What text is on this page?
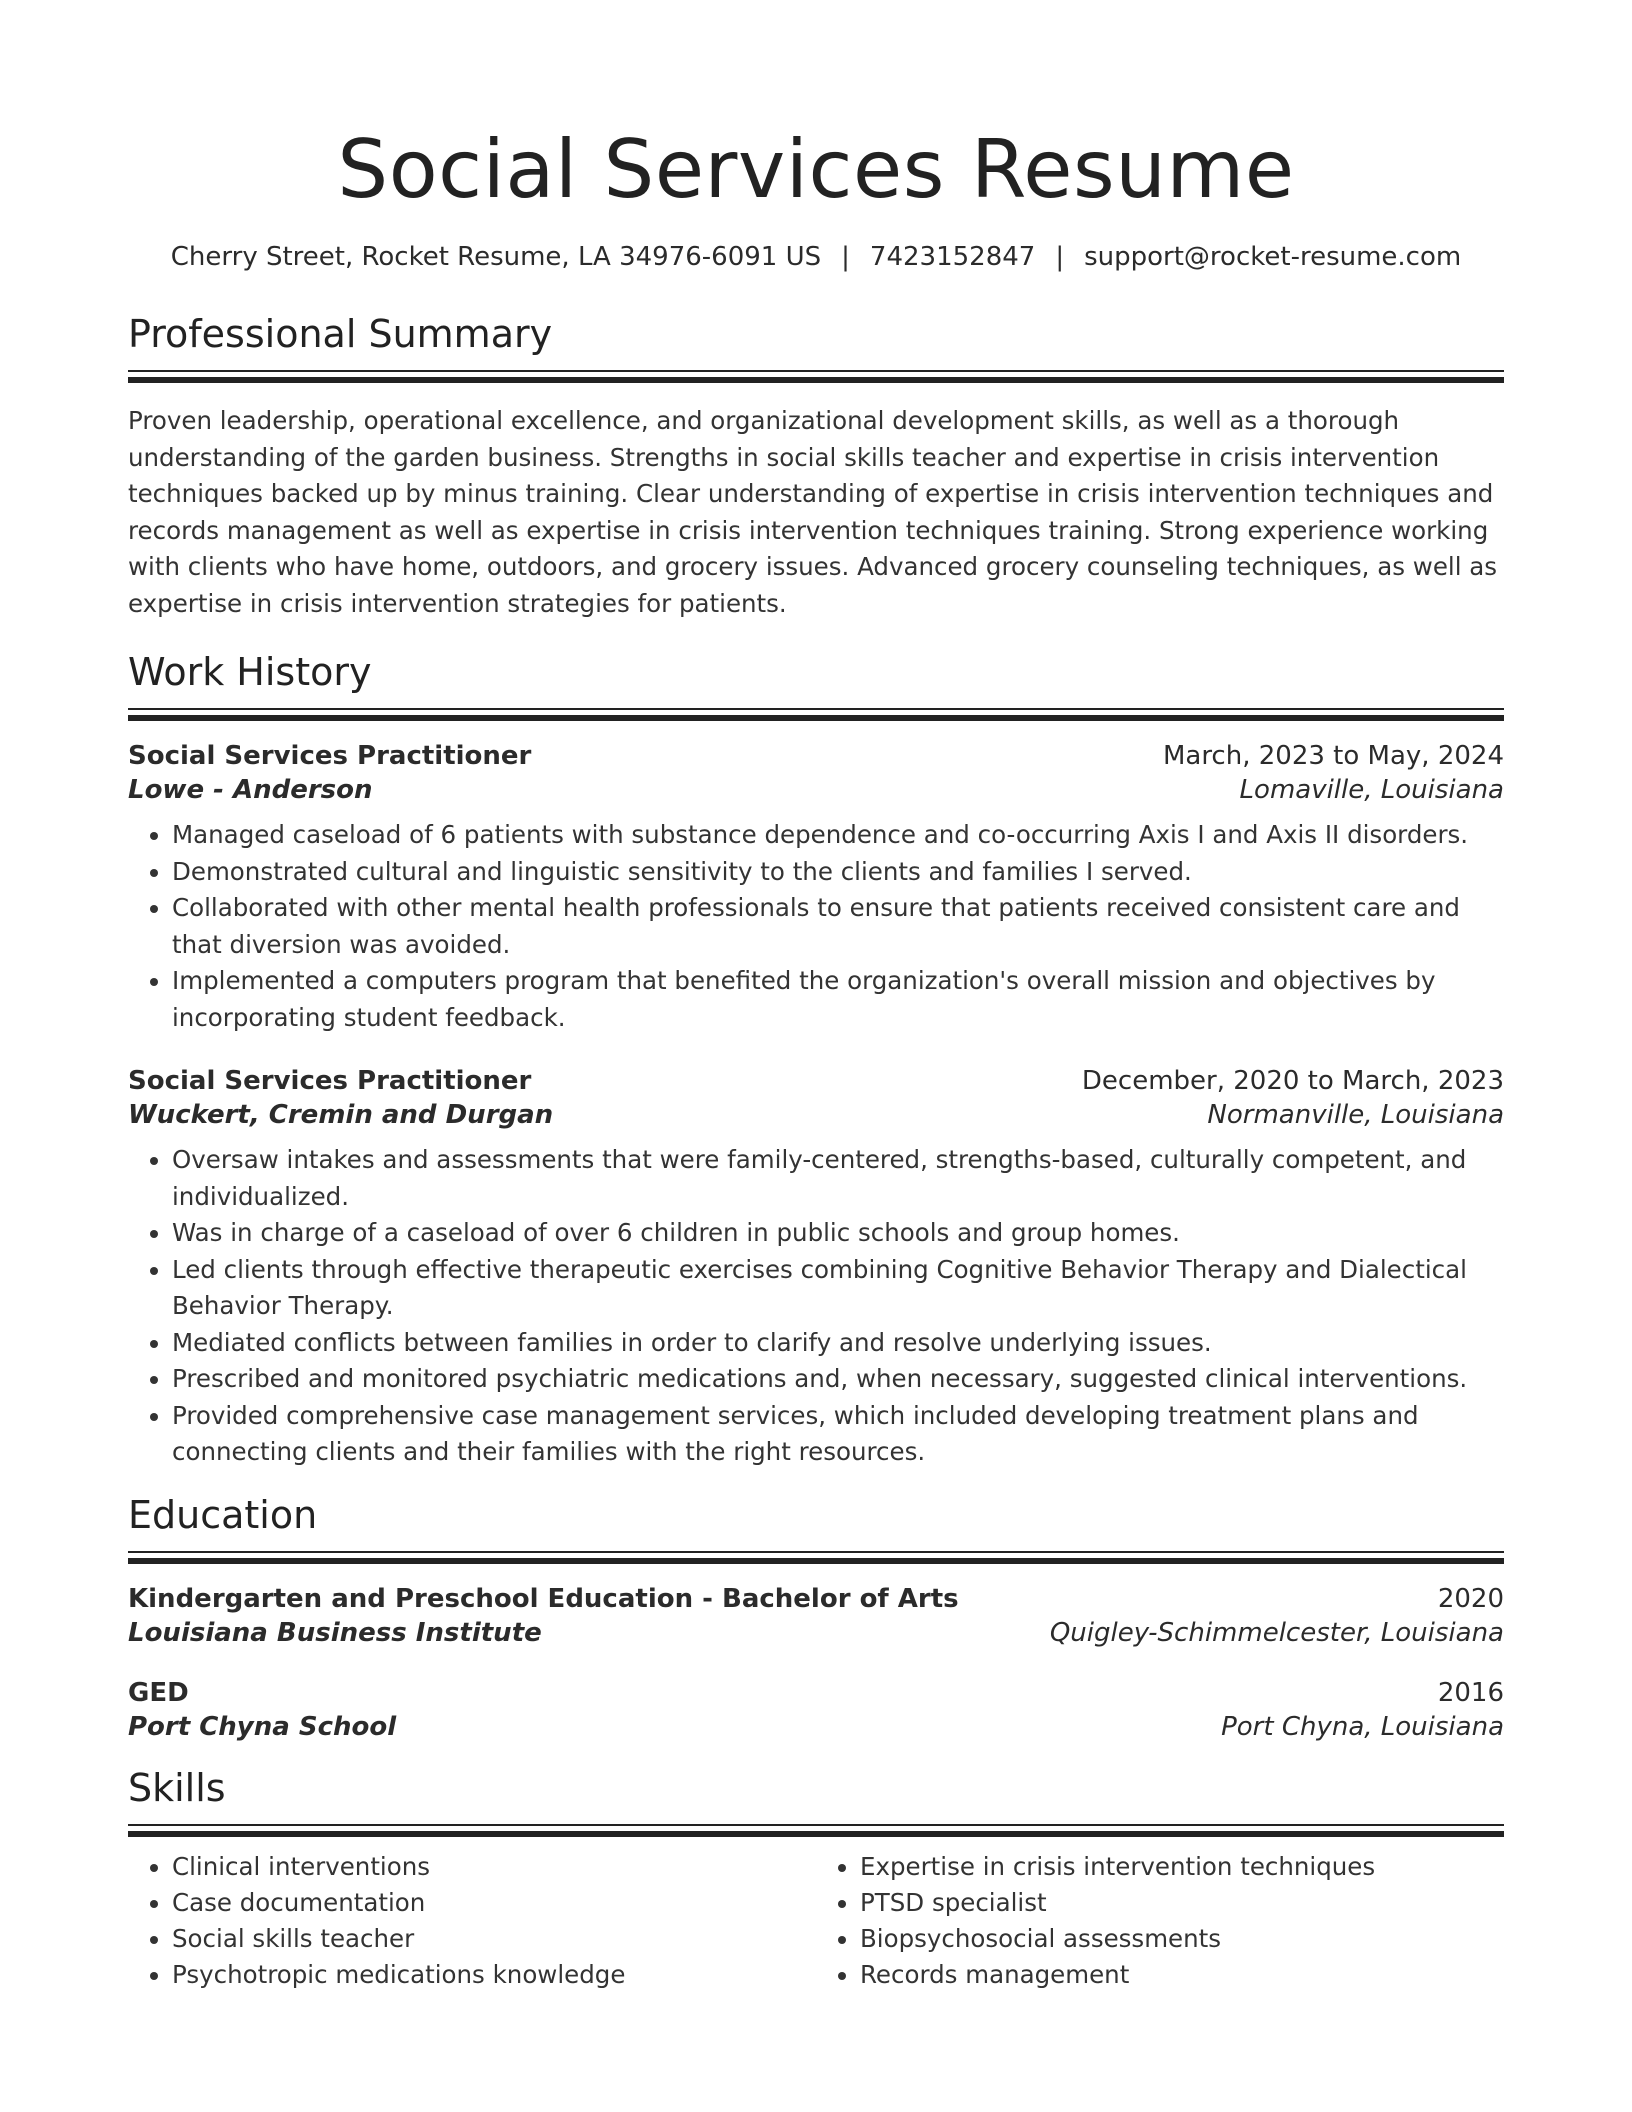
Social Services Resume
Cherry Street, Rocket Resume, LA 34976-6091 US | 7423152847 | support@rocket-resume.com
Professional Summary

Proven leadership, operational excellence, and organizational development skills, as well as a thorough understanding of the garden business. Strengths in social skills teacher and expertise in crisis intervention techniques backed up by minus training. Clear understanding of expertise in crisis intervention techniques and records management as well as expertise in crisis intervention techniques training. Strong experience working with clients who have home, outdoors, and grocery issues. Advanced grocery counseling techniques, as well as expertise in crisis intervention strategies for patients.

Work History
Social Services Practitioner	March, 2023 to May, 2024
Lowe - Anderson	Lomaville, Louisiana
• Managed caseload of 6 patients with substance dependence and co-occurring Axis I and Axis II disorders.
• Demonstrated cultural and linguistic sensitivity to the clients and families I served.
• Collaborated with other mental health professionals to ensure that patients received consistent care and that diversion was avoided.
• Implemented a computers program that benefited the organization's overall mission and objectives by incorporating student feedback.
Social Services Practitioner	December, 2020 to March, 2023
Wuckert, Cremin and Durgan	Normanville, Louisiana
• Oversaw intakes and assessments that were family-centered, strengths-based, culturally competent, and individualized.
• Was in charge of a caseload of over 6 children in public schools and group homes.
• Led clients through effective therapeutic exercises combining Cognitive Behavior Therapy and Dialectical Behavior Therapy.
• Mediated conflicts between families in order to clarify and resolve underlying issues.
• Prescribed and monitored psychiatric medications and, when necessary, suggested clinical interventions.
• Provided comprehensive case management services, which included developing treatment plans and connecting clients and their families with the right resources.
Education
Kindergarten and Preschool Education - Bachelor of Arts	2020
Louisiana Business Institute	Quigley-Schimmelcester, Louisiana
GED	2016
Port Chyna School	Port Chyna, Louisiana
Skills
• Clinical interventions
• Case documentation
• Social skills teacher
• Psychotropic medications knowledge
• Expertise in crisis intervention techniques
• PTSD specialist
• Biopsychosocial assessments
• Records management
